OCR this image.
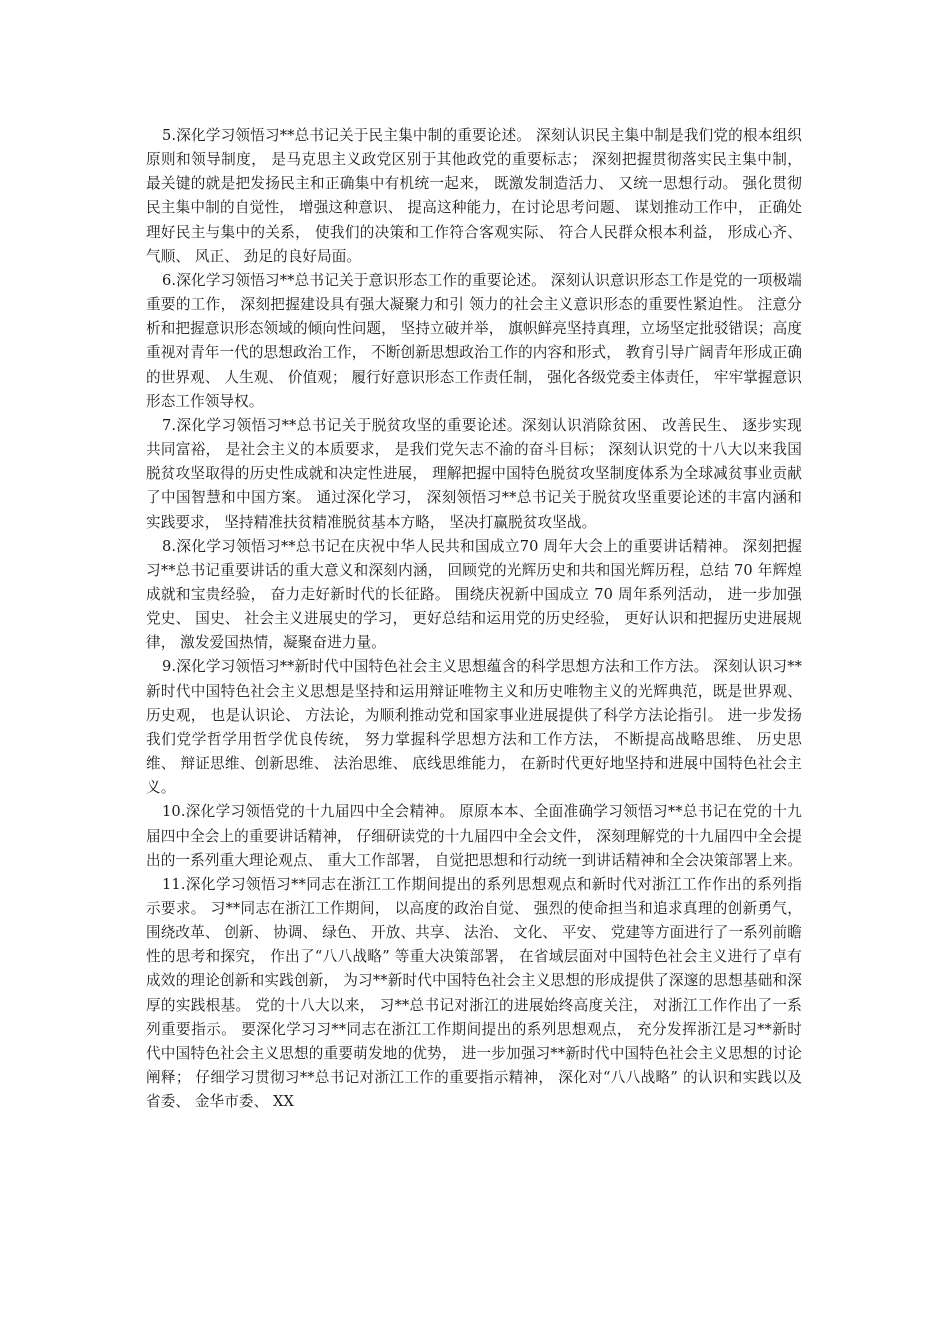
5.深化学习领悟习**总书记关于民主集中制的重要论述。 深刻认识民主集中制是我们党的根本组织原则和领导制度， 是马克思主义政党区别于其他政党的重要标志； 深刻把握贯彻落实民主集中制， 最关键的就是把发扬民主和正确集中有机统一起来， 既激发制造活力、 又统一思想行动。 强化贯彻民主集中制的自觉性， 增强这种意识、 提高这种能力，在讨论思考问题、 谋划推动工作中， 正确处理好民主与集中的关系， 使我们的决策和工作符合客观实际、 符合人民群众根本利益， 形成心齐、 气顺、 风正、 劲足的良好局面。

6.深化学习领悟习**总书记关于意识形态工作的重要论述。 深刻认识意识形态工作是党的一项极端重要的工作， 深刻把握建设具有强大凝聚力和引 领力的社会主义意识形态的重要性紧迫性。 注意分析和把握意识形态领域的倾向性问题， 坚持立破并举， 旗帜鲜亮坚持真理，立场坚定批驳错误；高度重视对青年一代的思想政治工作， 不断创新思想政治工作的内容和形式， 教育引导广阔青年形成正确的世界观、 人生观、 价值观； 履行好意识形态工作责任制， 强化各级党委主体责任， 牢牢掌握意识形态工作领导权。

7.深化学习领悟习**总书记关于脱贫攻坚的重要论述。深刻认识消除贫困、 改善民生、 逐步实现共同富裕， 是社会主义的本质要求， 是我们党矢志不渝的奋斗目标； 深刻认识党的十八大以来我国脱贫攻坚取得的历史性成就和决定性进展， 理解把握中国特色脱贫攻坚制度体系为全球减贫事业贡献了中国智慧和中国方案。 通过深化学习， 深刻领悟习**总书记关于脱贫攻坚重要论述的丰富内涵和实践要求， 坚持精准扶贫精准脱贫基本方略， 坚决打赢脱贫攻坚战。

8.深化学习领悟习**总书记在庆祝中华人民共和国成立70 周年大会上的重要讲话精神。 深刻把握习**总书记重要讲话的重大意义和深刻内涵， 回顾党的光辉历史和共和国光辉历程，总结 70 年辉煌成就和宝贵经验， 奋力走好新时代的长征路。 围绕庆祝新中国成立 70 周年系列活动， 进一步加强党史、 国史、 社会主义进展史的学习， 更好总结和运用党的历史经验， 更好认识和把握历史进展规律， 激发爱国热情，凝聚奋进力量。

9.深化学习领悟习**新时代中国特色社会主义思想蕴含的科学思想方法和工作方法。 深刻认识习**新时代中国特色社会主义思想是坚持和运用辩证唯物主义和历史唯物主义的光辉典范，既是世界观、 历史观， 也是认识论、 方法论，为顺利推动党和国家事业进展提供了科学方法论指引。 进一步发扬我们党学哲学用哲学优良传统， 努力掌握科学思想方法和工作方法， 不断提高战略思维、 历史思维、 辩证思维、创新思维、 法治思维、 底线思维能力， 在新时代更好地坚持和进展中国特色社会主义。

10.深化学习领悟党的十九届四中全会精神。 原原本本、全面准确学习领悟习**总书记在党的十九届四中全会上的重要讲话精神， 仔细研读党的十九届四中全会文件， 深刻理解党的十九届四中全会提出的一系列重大理论观点、 重大工作部署， 自觉把思想和行动统一到讲话精神和全会决策部署上来。

11.深化学习领悟习**同志在浙江工作期间提出的系列思想观点和新时代对浙江工作作出的系列指示要求。 习**同志在浙江工作期间， 以高度的政治自觉、 强烈的使命担当和追求真理的创新勇气， 围绕改革、 创新、 协调、 绿色、 开放、共享、 法治、 文化、 平安、 党建等方面进行了一系列前瞻性的思考和探究， 作出了“八八战略” 等重大决策部署， 在省域层面对中国特色社会主义进行了卓有成效的理论创新和实践创新， 为习**新时代中国特色社会主义思想的形成提供了深邃的思想基础和深厚的实践根基。 党的十八大以来， 习**总书记对浙江的进展始终高度关注， 对浙江工作作出了一系列重要指示。 要深化学习习**同志在浙江工作期间提出的系列思想观点， 充分发挥浙江是习**新时代中国特色社会主义思想的重要萌发地的优势， 进一步加强习**新时代中国特色社会主义思想的讨论阐释； 仔细学习贯彻习**总书记对浙江工作的重要指示精神， 深化对“八八战略” 的认识和实践以及省委、 金华市委、 XX
